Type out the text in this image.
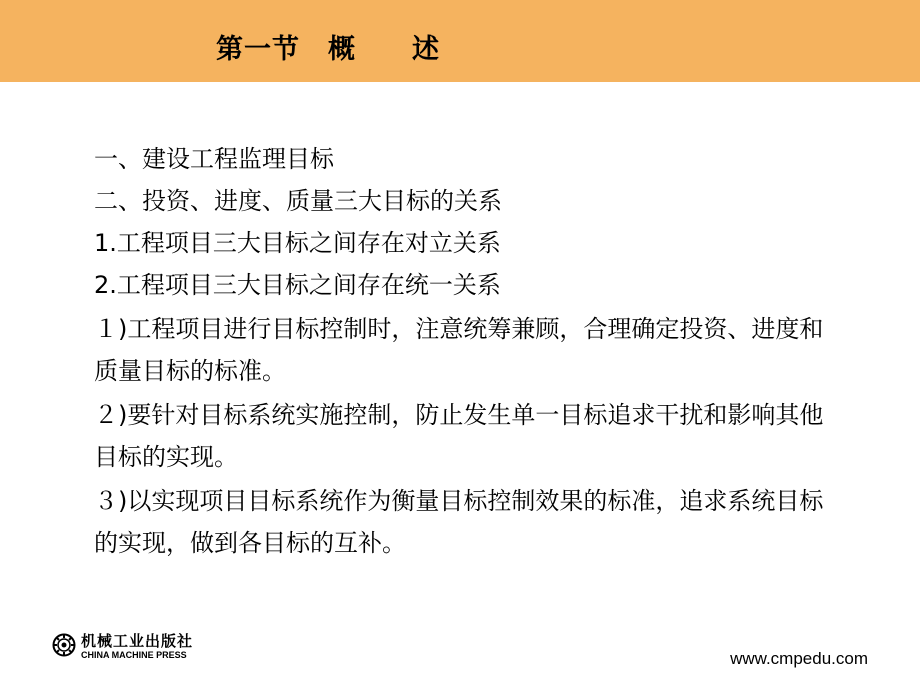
第一节　概　　述
一、建设工程监理目标
二、投资、进度、质量三大目标的关系
1.工程项目三大目标之间存在对立关系
2.工程项目三大目标之间存在统一关系
１)工程项目进行目标控制时，注意统筹兼顾，合理确定投资、进度和质量目标的标准。
２)要针对目标系统实施控制，防止发生单一目标追求干扰和影响其他目标的实现。
３)以实现项目目标系统作为衡量目标控制效果的标准，追求系统目标的实现，做到各目标的互补。
机械工业出版社
CHINA MACHINE PRESS	www.cmpedu.com
